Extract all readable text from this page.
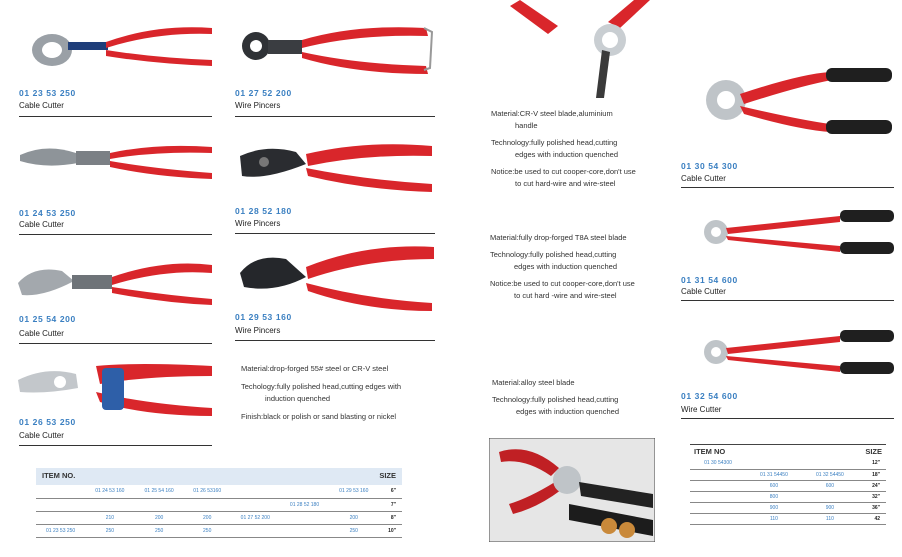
01 23 53 250
Cable Cutter
01 24 53 250
Cable Cutter
01 25 54 200
Cable Cutter
01 26 53 250
Cable Cutter
01 27 52 200
Wire Pincers
01 28 52 180
Wire Pincers
01 29 53 160
Wire Pincers
Material:drop-forged 55# steel or CR-V steel
Techology:fully polished head,cutting edges with
induction quenched
Finish:black or polish or sand blasting or nickel
ITEM NO.	SIZE
	01 24 53 160	01 25 54 160	01 26 53160			01 29 53 160	6"
					01 28 52 180		7"
	210	200	200	01 27 52 200		200	8"
01 23 53 250	250	250	250			250	10"
Material:CR-V steel blade,aluminium
handle
Technology:fully polished head,cutting
edges with induction quenched
Notice:be used to cut cooper-core,don't use
to cut hard-wire and wire-steel
Material:fully drop-forged T8A steel blade
Technology:fully polished head,cutting
edges with induction quenched
Notice:be used to cut cooper-core,don't use
to cut hard -wire and wire-steel
Material:alloy steel blade
Technology:fully polished head,cutting
edges with induction quenched
01 30 54 300
Cable Cutter
01 31 54 600
Cable Cutter
01 32 54 600
Wire Cutter
ITEM NO	SIZE
01 30 54300			12"
	01 31 54450	01 32 54450	18"
	600	600	24"
	800		32"
	900	900	36"
	110	110	42
